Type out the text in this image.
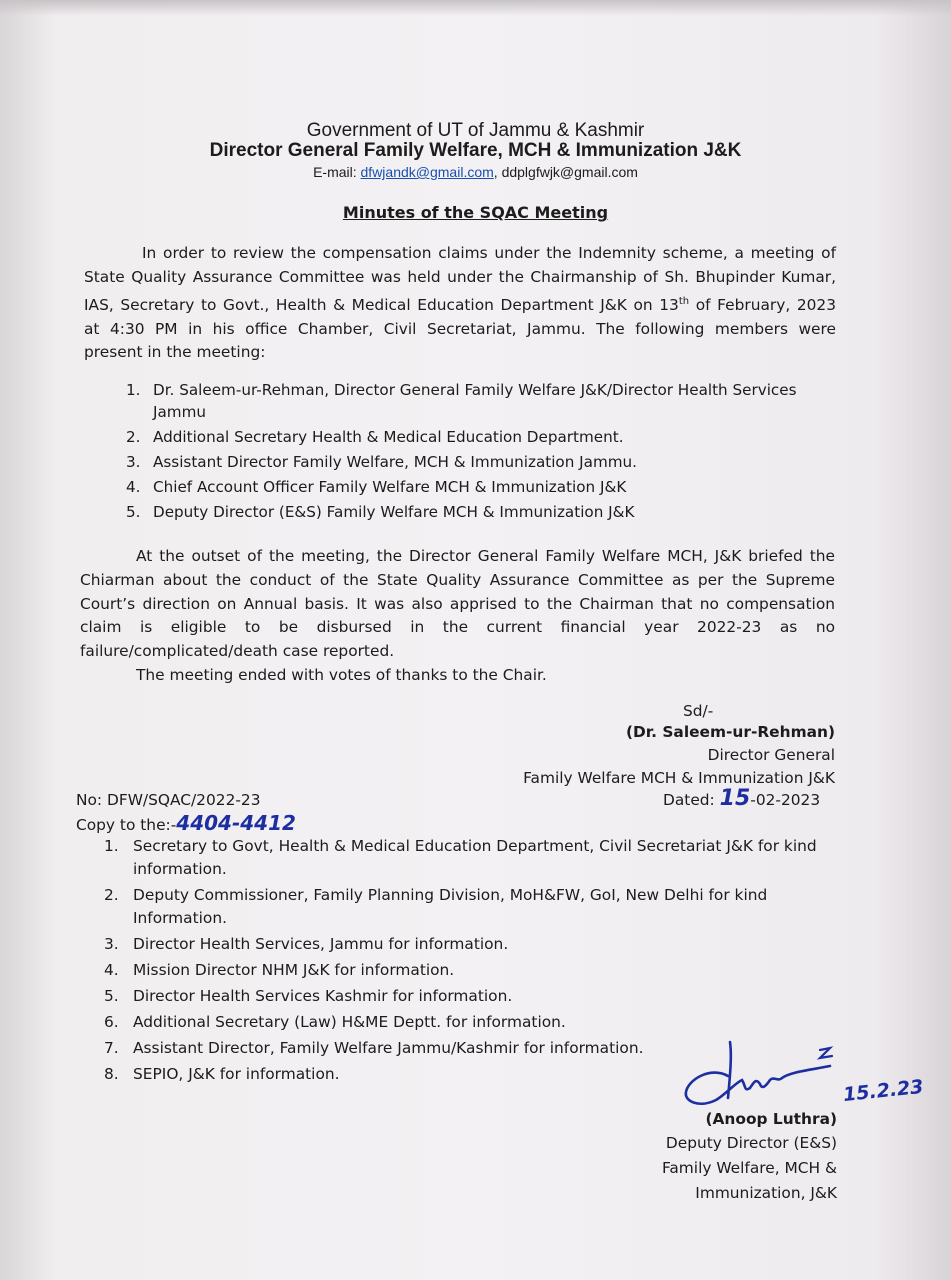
Government of UT of Jammu & Kashmir

Director General Family Welfare, MCH & Immunization J&K

E-mail: dfwjandk@gmail.com, ddplgfwjk@gmail.com

Minutes of the SQAC Meeting

In order to review the compensation claims under the Indemnity scheme, a meeting of
State Quality Assurance Committee was held under the Chairmanship of Sh. Bhupinder Kumar,
IAS, Secretary to Govt., Health & Medical Education Department J&K on 13th of February, 2023
at 4:30 PM in his office Chamber, Civil Secretariat, Jammu. The following members were
present in the meeting:
1. Dr. Saleem-ur-Rehman, Director General Family Welfare J&K/Director Health Services
Jammu
2. Additional Secretary Health & Medical Education Department.
3. Assistant Director Family Welfare, MCH & Immunization Jammu.
4. Chief Account Officer Family Welfare MCH & Immunization J&K
5. Deputy Director (E&S) Family Welfare MCH & Immunization J&K
At the outset of the meeting, the Director General Family Welfare MCH, J&K briefed the
Chiarman about the conduct of the State Quality Assurance Committee as per the Supreme
Court’s direction on Annual basis. It was also apprised to the Chairman that no compensation
claim is eligible to be disbursed in the current financial year 2022-23 as no
failure/complicated/death case reported.
The meeting ended with votes of thanks to the Chair.

Sd/-

(Dr. Saleem-ur-Rehman)

Director General

Family Welfare MCH & Immunization J&K

No: DFW/SQAC/2022-23	Dated: 15-02-2023

Copy to the:-4404-4412

1. Secretary to Govt, Health & Medical Education Department, Civil Secretariat J&K for kind
information.
2. Deputy Commissioner, Family Planning Division, MoH&FW, GoI, New Delhi for kind
Information.
3. Director Health Services, Jammu for information.
4. Mission Director NHM J&K for information.
5. Director Health Services Kashmir for information.
6. Additional Secretary (Law) H&ME Deptt. for information.
7. Assistant Director, Family Welfare Jammu/Kashmir for information.
8. SEPIO, J&K for information.

15.2.23

(Anoop Luthra)

Deputy Director (E&S)

Family Welfare, MCH &

Immunization, J&K
